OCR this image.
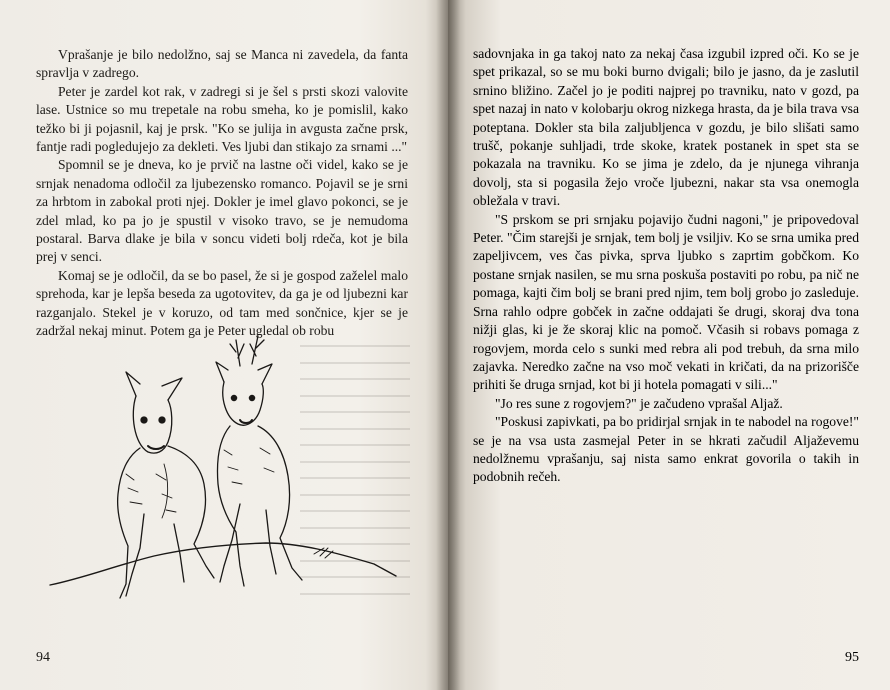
Vprašanje je bilo nedolžno, saj se Manca ni zavedela, da fanta spravlja v zadrego.

Peter je zardel kot rak, v zadregi si je šel s prsti skozi valovite lase. Ustnice so mu trepetale na robu smeha, ko je pomislil, kako težko bi ji pojasnil, kaj je prsk. "Ko se julija in avgusta začne prsk, fantje radi pogledujejo za dekleti. Ves ljubi dan stikajo za srnami ..."

Spomnil se je dneva, ko je prvič na lastne oči videl, kako se je srnjak nenadoma odločil za ljubezensko romanco. Pojavil se je srni za hrbtom in zabokal proti njej. Dokler je imel glavo pokonci, se je zdel mlad, ko pa jo je spustil v visoko travo, se je nemudoma postaral. Barva dlake je bila v soncu videti bolj rdeča, kot je bila prej v senci.

Komaj se je odločil, da se bo pasel, že si je gospod zaželel malo sprehoda, kar je lepša beseda za ugotovitev, da ga je od ljubezni kar razganjalo. Stekel je v koruzo, od tam med sončnice, kjer se je zadržal nekaj minut. Potem ga je Peter ugledal ob robu

94

sadovnjaka in ga takoj nato za nekaj časa izgubil izpred oči. Ko se je spet prikazal, so se mu boki burno dvigali; bilo je jasno, da je zaslutil srnino bližino. Začel jo je poditi najprej po travniku, nato v gozd, pa spet nazaj in nato v kolobarju okrog nizkega hrasta, da je bila trava vsa poteptana. Dokler sta bila zaljubljenca v gozdu, je bilo slišati samo trušč, pokanje suhljadi, trde skoke, kratek postanek in spet sta se pokazala na travniku. Ko se jima je zdelo, da je njunega vihranja dovolj, sta si pogasila žejo vroče ljubezni, nakar sta vsa onemogla obležala v travi.

"S prskom se pri srnjaku pojavijo čudni nagoni," je pripovedoval Peter. "Čim starejši je srnjak, tem bolj je vsiljiv. Ko se srna umika pred zapeljivcem, ves čas pivka, sprva ljubko s zaprtim gobčkom. Ko postane srnjak nasilen, se mu srna poskuša postaviti po robu, pa nič ne pomaga, kajti čim bolj se brani pred njim, tem bolj grobo jo zasleduje. Srna rahlo odpre gobček in začne oddajati še drugi, skoraj dva tona nižji glas, ki je že skoraj klic na pomoč. Včasih si robavs pomaga z rogovjem, morda celo s sunki med rebra ali pod trebuh, da srna milo zajavka. Neredko začne na vso moč vekati in kričati, da na prizorišče prihiti še druga srnjad, kot bi ji hotela pomagati v sili..."

"Jo res sune z rogovjem?" je začudeno vprašal Aljaž.

"Poskusi zapivkati, pa bo pridirjal srnjak in te nabodel na rogove!" se je na vsa usta zasmejal Peter in se hkrati začudil Aljaževemu nedolžnemu vprašanju, saj nista samo enkrat govorila o takih in podobnih rečeh.

95
